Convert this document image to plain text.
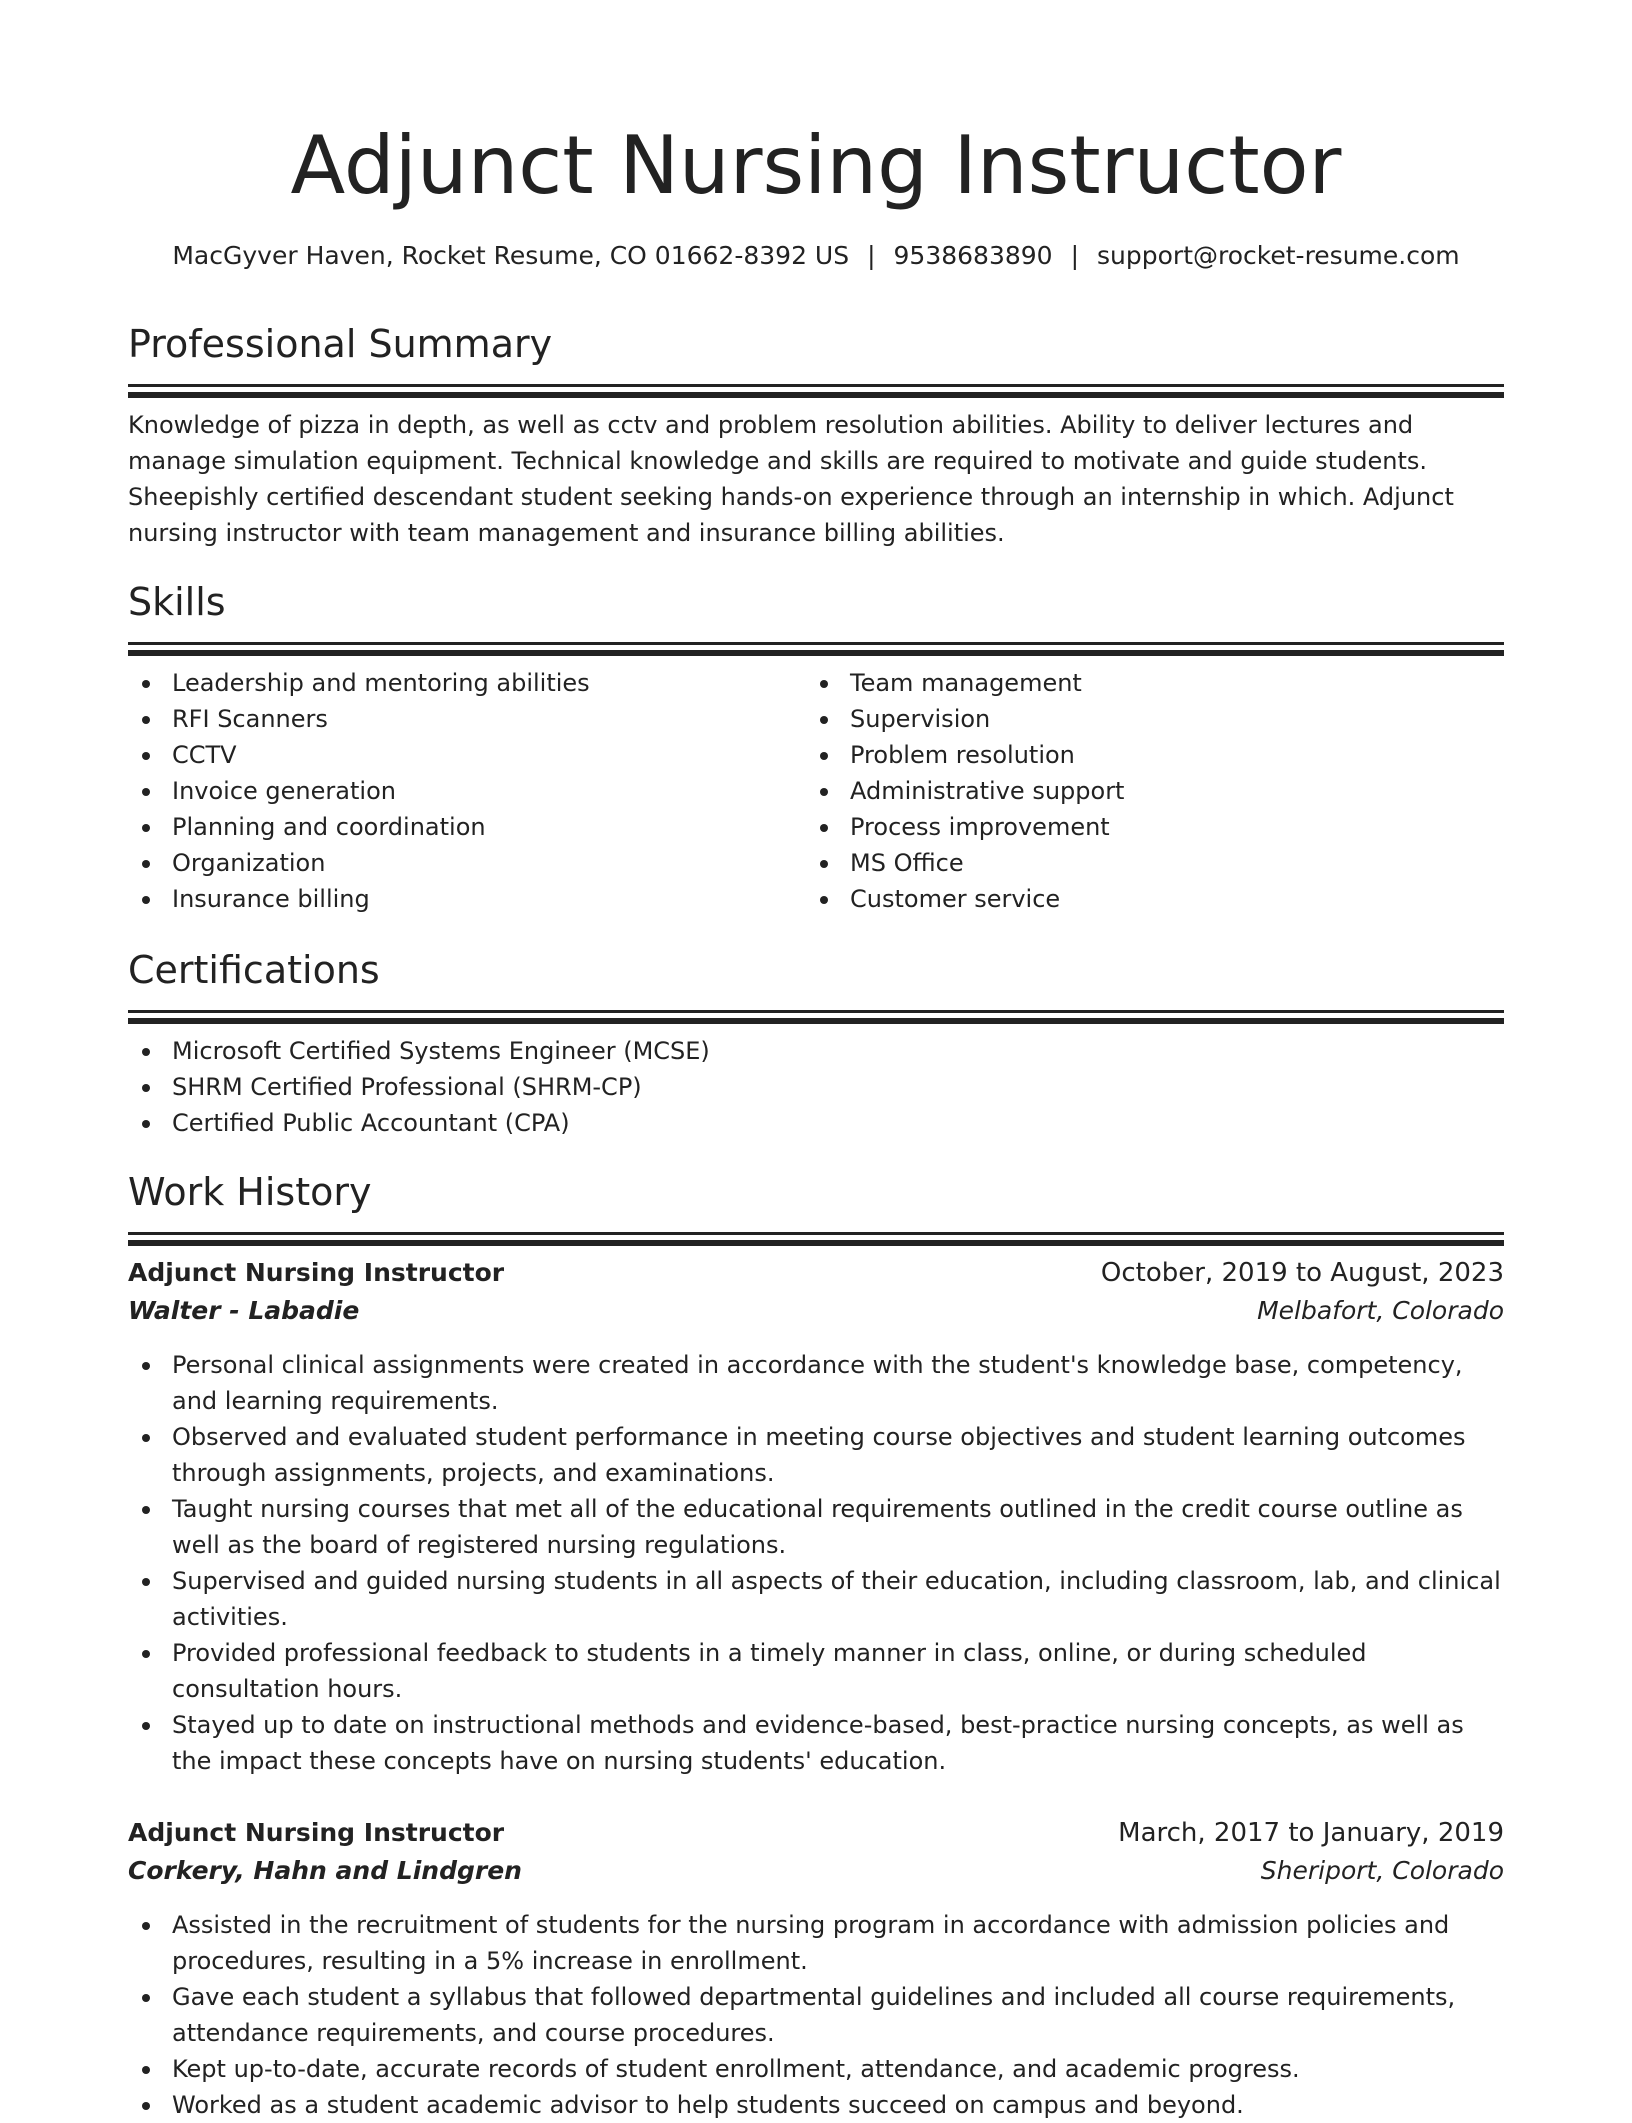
Adjunct Nursing Instructor
MacGyver Haven, Rocket Resume, CO 01662-8392 US | 9538683890 | support@rocket-resume.com
Professional Summary

Knowledge of pizza in depth, as well as cctv and problem resolution abilities. Ability to deliver lectures and manage simulation equipment. Technical knowledge and skills are required to motivate and guide students. Sheepishly certified descendant student seeking hands-on experience through an internship in which. Adjunct nursing instructor with team management and insurance billing abilities.

Skills
Leadership and mentoring abilities
RFI Scanners
CCTV
Invoice generation
Planning and coordination
Organization
Insurance billing
Team management
Supervision
Problem resolution
Administrative support
Process improvement
MS Office
Customer service
Certifications
Microsoft Certified Systems Engineer (MCSE)
SHRM Certified Professional (SHRM-CP)
Certified Public Accountant (CPA)
Work History
Adjunct Nursing Instructor	October, 2019 to August, 2023
Walter - Labadie	Melbafort, Colorado
Personal clinical assignments were created in accordance with the student's knowledge base, competency, and learning requirements.
Observed and evaluated student performance in meeting course objectives and student learning outcomes through assignments, projects, and examinations.
Taught nursing courses that met all of the educational requirements outlined in the credit course outline as well as the board of registered nursing regulations.
Supervised and guided nursing students in all aspects of their education, including classroom, lab, and clinical activities.
Provided professional feedback to students in a timely manner in class, online, or during scheduled consultation hours.
Stayed up to date on instructional methods and evidence-based, best-practice nursing concepts, as well as the impact these concepts have on nursing students' education.
Adjunct Nursing Instructor	March, 2017 to January, 2019
Corkery, Hahn and Lindgren	Sheriport, Colorado
Assisted in the recruitment of students for the nursing program in accordance with admission policies and procedures, resulting in a 5% increase in enrollment.
Gave each student a syllabus that followed departmental guidelines and included all course requirements, attendance requirements, and course procedures.
Kept up-to-date, accurate records of student enrollment, attendance, and academic progress.
Worked as a student academic advisor to help students succeed on campus and beyond.
